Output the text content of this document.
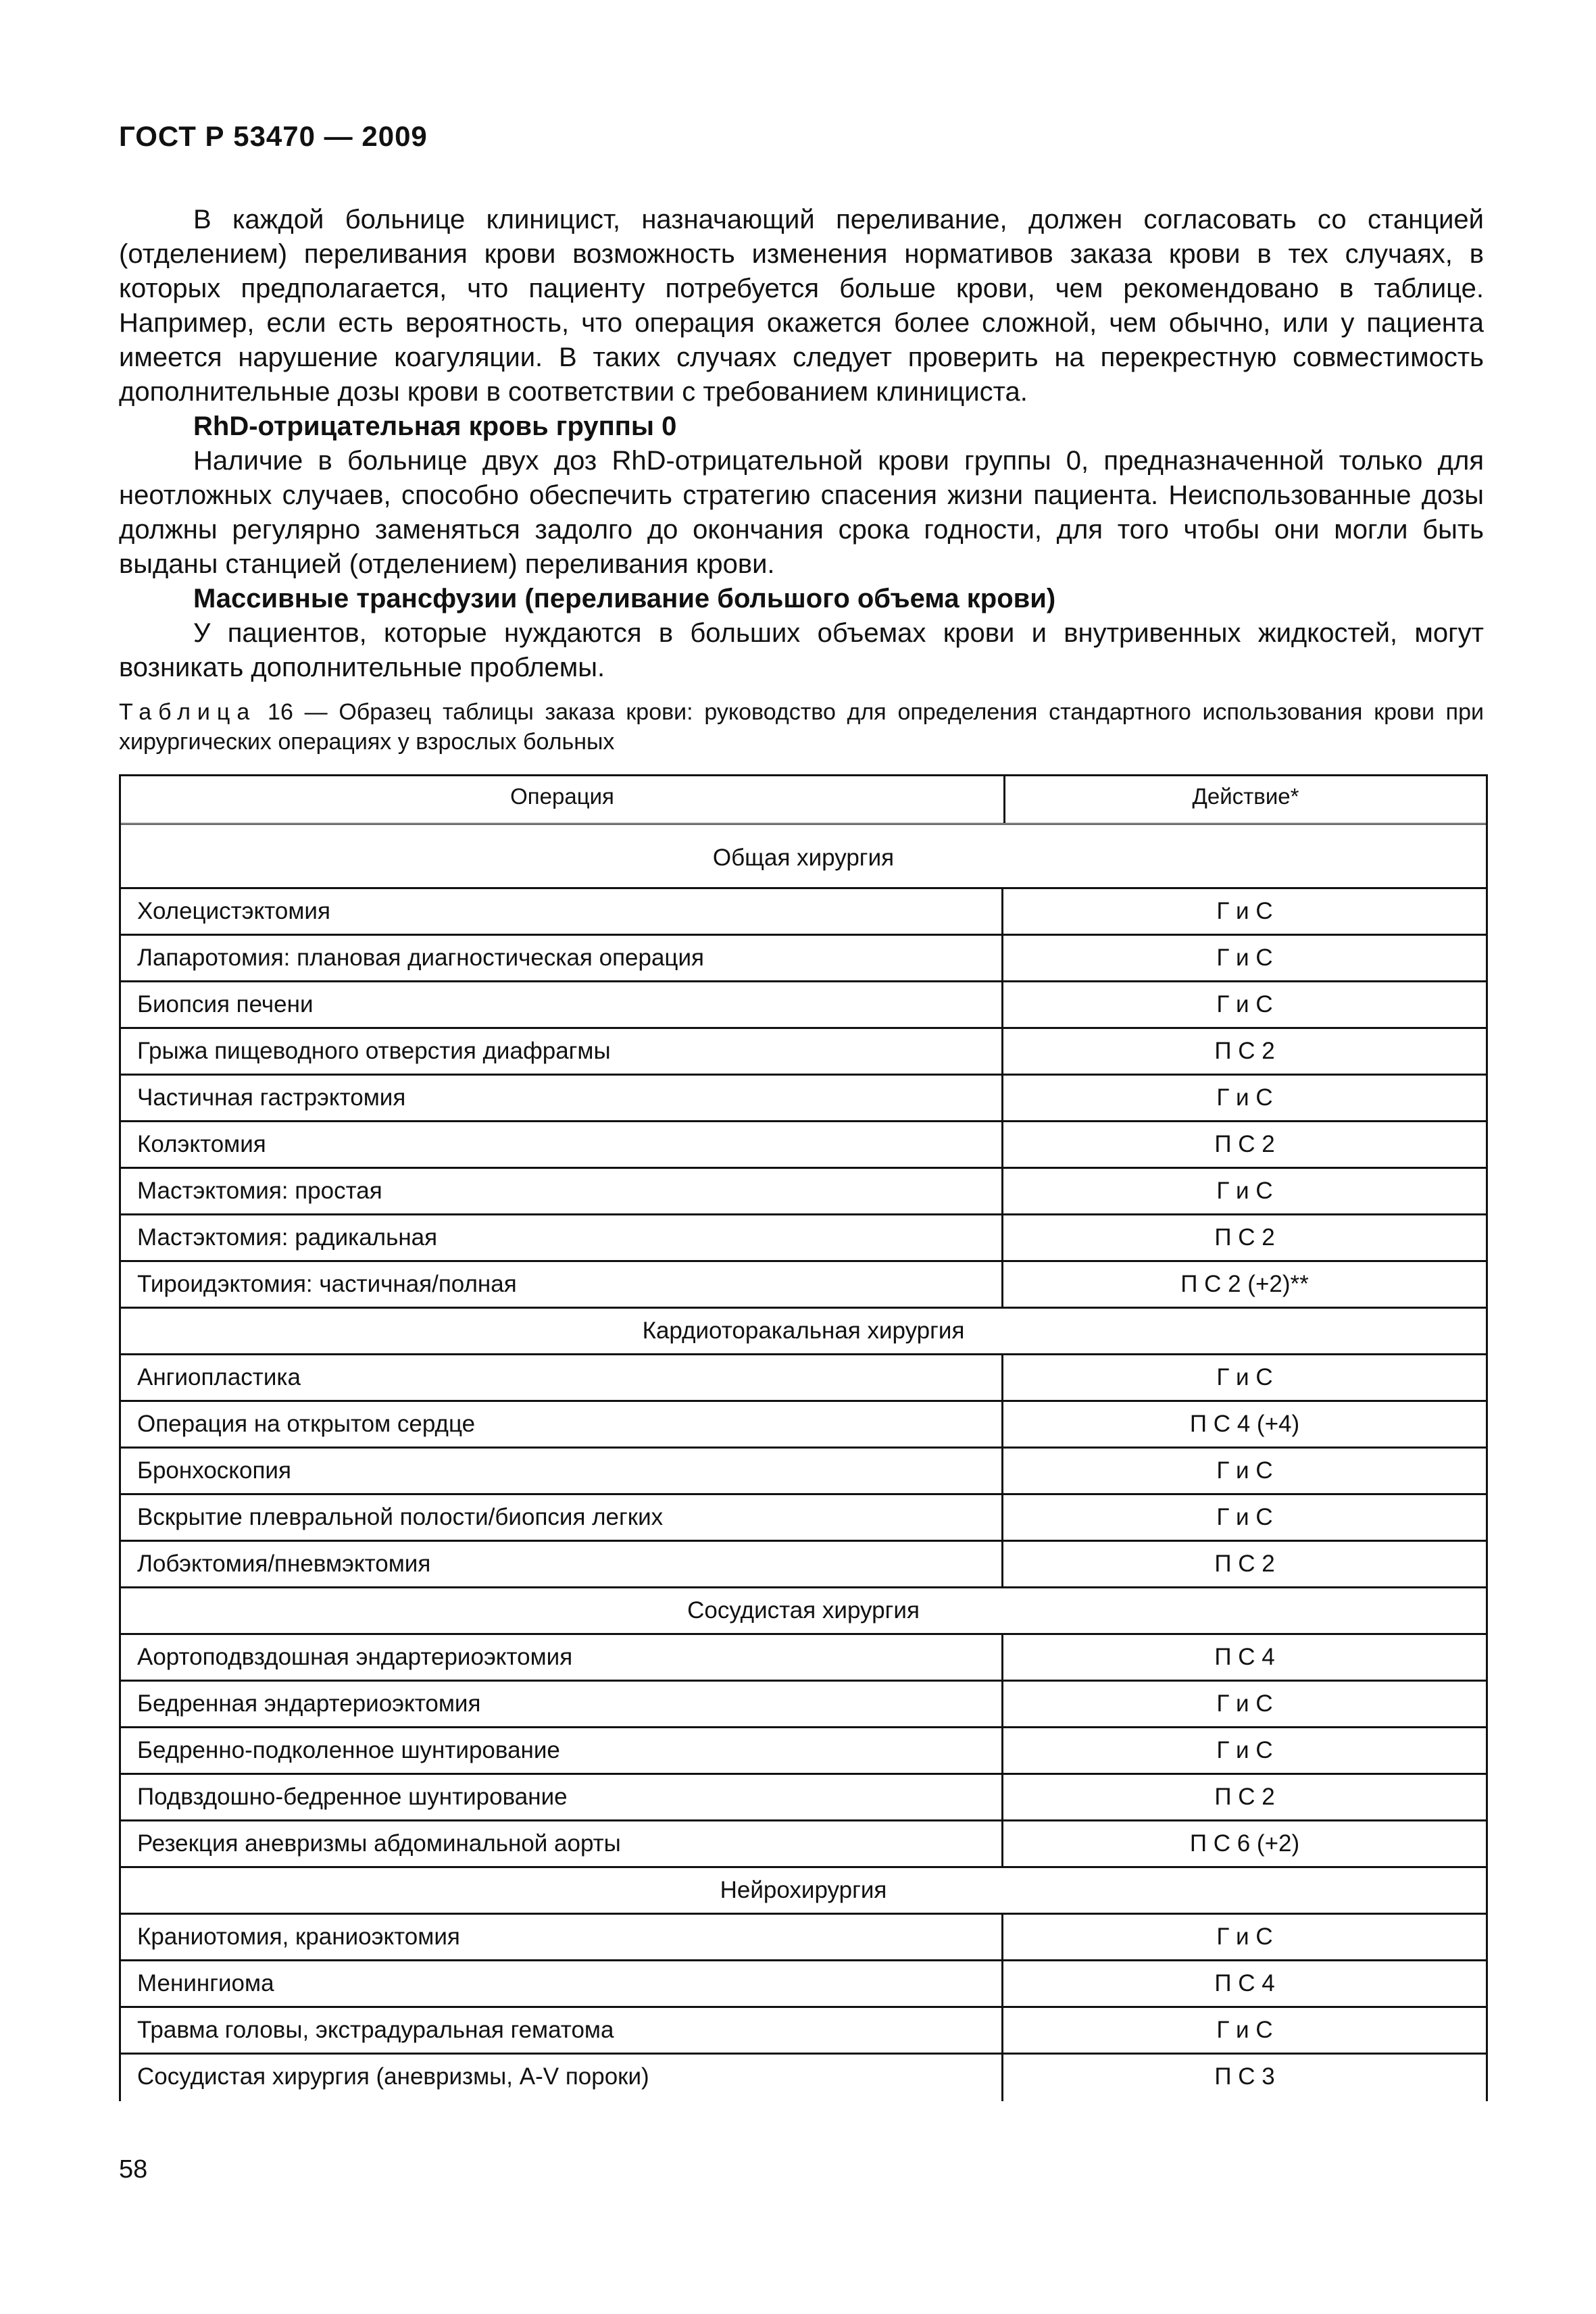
ГОСТ Р 53470 — 2009

В каждой больнице клиницист, назначающий переливание, должен согласовать со станцией (отделением) переливания крови возможность изменения нормативов заказа крови в тех случаях, в которых предполагается, что пациенту потребуется больше крови, чем рекомендовано в таблице. Например, если есть вероятность, что операция окажется более сложной, чем обычно, или у пациента имеется нарушение коагуляции. В таких случаях следует проверить на перекрестную совместимость дополнительные дозы крови в соответствии с требованием клинициста.

RhD-отрицательная кровь группы 0

Наличие в больнице двух доз RhD-отрицательной крови группы 0, предназначенной только для неотложных случаев, способно обеспечить стратегию спасения жизни пациента. Неиспользованные дозы должны регулярно заменяться задолго до окончания срока годности, для того чтобы они могли быть выданы станцией (отделением) переливания крови.

Массивные трансфузии (переливание большого объема крови)

У пациентов, которые нуждаются в больших объемах крови и внутривенных жидкостей, могут возникать дополнительные проблемы.

Таблица 16 — Образец таблицы заказа крови: руководство для определения стандартного использования крови при хирургических операциях у взрослых больных
Операция	Действие*
Общая хирургия
Холецистэктомия	Г и С
Лапаротомия: плановая диагностическая операция	Г и С
Биопсия печени	Г и С
Грыжа пищеводного отверстия диафрагмы	П С 2
Частичная гастрэктомия	Г и С
Колэктомия	П С 2
Мастэктомия: простая	Г и С
Мастэктомия: радикальная	П С 2
Тироидэктомия: частичная/полная	П С 2 (+2)**
Кардиоторакальная хирургия
Ангиопластика	Г и С
Операция на открытом сердце	П С 4 (+4)
Бронхоскопия	Г и С
Вскрытие плевральной полости/биопсия легких	Г и С
Лобэктомия/пневмэктомия	П С 2
Сосудистая хирургия
Аортоподвздошная эндартериоэктомия	П С 4
Бедренная эндартериоэктомия	Г и С
Бедренно-подколенное шунтирование	Г и С
Подвздошно-бедренное шунтирование	П С 2
Резекция аневризмы абдоминальной аорты	П С 6 (+2)
Нейрохирургия
Краниотомия, краниоэктомия	Г и С
Менингиома	П С 4
Травма головы, экстрадуральная гематома	Г и С
Сосудистая хирургия (аневризмы, A-V пороки)	П С 3
58
